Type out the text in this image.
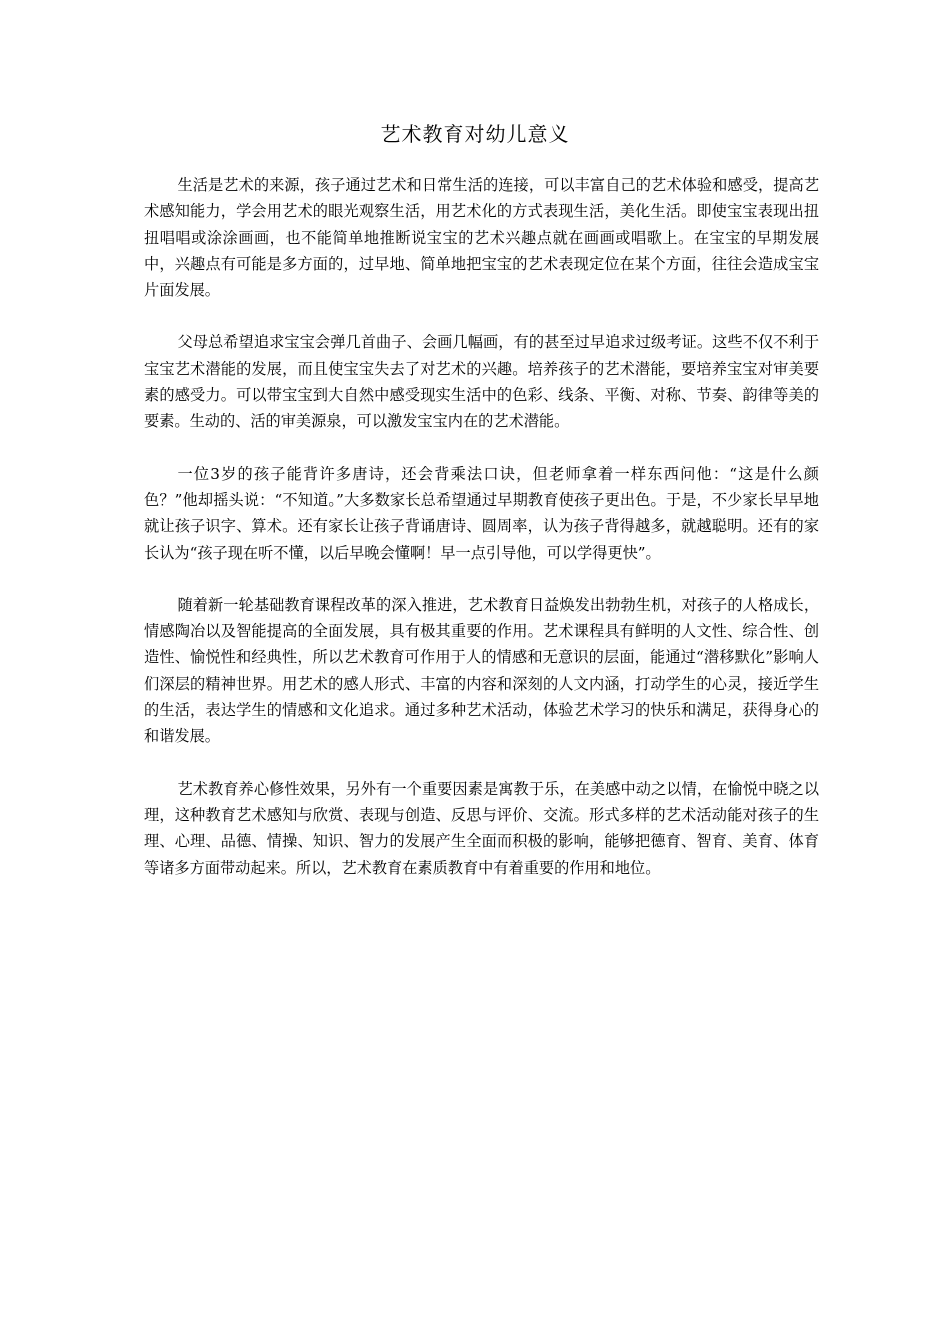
艺术教育对幼儿意义

生活是艺术的来源，孩子通过艺术和日常生活的连接，可以丰富自己的艺术体验和感受，提高艺术感知能力，学会用艺术的眼光观察生活，用艺术化的方式表现生活，美化生活。即使宝宝表现出扭扭唱唱或涂涂画画，也不能简单地推断说宝宝的艺术兴趣点就在画画或唱歌上。在宝宝的早期发展中，兴趣点有可能是多方面的，过早地、简单地把宝宝的艺术表现定位在某个方面，往往会造成宝宝片面发展。

父母总希望追求宝宝会弹几首曲子、会画几幅画，有的甚至过早追求过级考证。这些不仅不利于宝宝艺术潜能的发展，而且使宝宝失去了对艺术的兴趣。培养孩子的艺术潜能，要培养宝宝对审美要素的感受力。可以带宝宝到大自然中感受现实生活中的色彩、线条、平衡、对称、节奏、韵律等美的要素。生动的、活的审美源泉，可以激发宝宝内在的艺术潜能。

一位3岁的孩子能背许多唐诗，还会背乘法口诀，但老师拿着一样东西问他：“这是什么颜色？”他却摇头说：“不知道。”大多数家长总希望通过早期教育使孩子更出色。于是，不少家长早早地就让孩子识字、算术。还有家长让孩子背诵唐诗、圆周率，认为孩子背得越多，就越聪明。还有的家长认为“孩子现在听不懂，以后早晚会懂啊！早一点引导他，可以学得更快”。

随着新一轮基础教育课程改革的深入推进，艺术教育日益焕发出勃勃生机，对孩子的人格成长，情感陶冶以及智能提高的全面发展，具有极其重要的作用。艺术课程具有鲜明的人文性、综合性、创造性、愉悦性和经典性，所以艺术教育可作用于人的情感和无意识的层面，能通过“潜移默化”影响人们深层的精神世界。用艺术的感人形式、丰富的内容和深刻的人文内涵，打动学生的心灵，接近学生的生活，表达学生的情感和文化追求。通过多种艺术活动，体验艺术学习的快乐和满足，获得身心的和谐发展。

艺术教育养心修性效果，另外有一个重要因素是寓教于乐，在美感中动之以情，在愉悦中晓之以理，这种教育艺术感知与欣赏、表现与创造、反思与评价、交流。形式多样的艺术活动能对孩子的生理、心理、品德、情操、知识、智力的发展产生全面而积极的影响，能够把德育、智育、美育、体育等诸多方面带动起来。所以，艺术教育在素质教育中有着重要的作用和地位。
